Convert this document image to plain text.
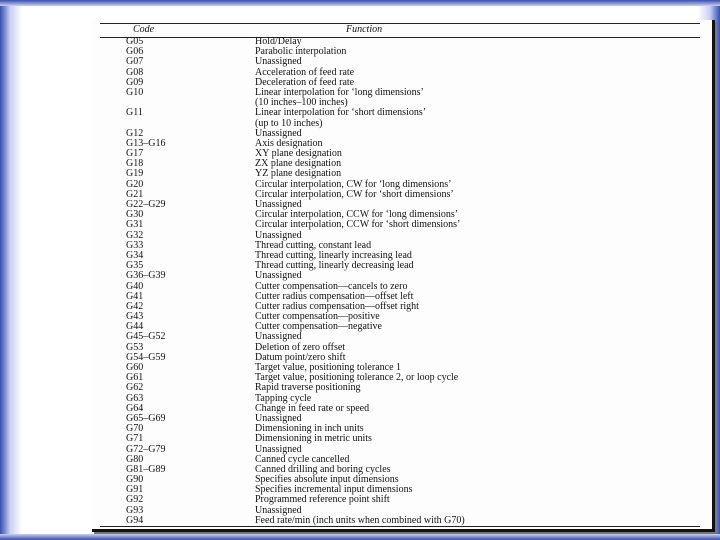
Code	Function
G05	Hold/Delay
G06	Parabolic interpolation
G07	Unassigned
G08	Acceleration of feed rate
G09	Deceleration of feed rate
G10	Linear interpolation for ‘long dimensions’
(10 inches–100 inches)
G11	Linear interpolation for ‘short dimensions’
(up to 10 inches)
G12	Unassigned
G13–G16	Axis designation
G17	XY plane designation
G18	ZX plane designation
G19	YZ plane designation
G20	Circular interpolation, CW for ‘long dimensions’
G21	Circular interpolation, CW for ‘short dimensions’
G22–G29	Unassigned
G30	Circular interpolation, CCW for ‘long dimensions’
G31	Circular interpolation, CCW for ‘short dimensions’
G32	Unassigned
G33	Thread cutting, constant lead
G34	Thread cutting, linearly increasing lead
G35	Thread cutting, linearly decreasing lead
G36–G39	Unassigned
G40	Cutter compensation—cancels to zero
G41	Cutter radius compensation—offset left
G42	Cutter radius compensation—offset right
G43	Cutter compensation—positive
G44	Cutter compensation—negative
G45–G52	Unassigned
G53	Deletion of zero offset
G54–G59	Datum point/zero shift
G60	Target value, positioning tolerance 1
G61	Target value, positioning tolerance 2, or loop cycle
G62	Rapid traverse positioning
G63	Tapping cycle
G64	Change in feed rate or speed
G65–G69	Unassigned
G70	Dimensioning in inch units
G71	Dimensioning in metric units
G72–G79	Unassigned
G80	Canned cycle cancelled
G81–G89	Canned drilling and boring cycles
G90	Specifies absolute input dimensions
G91	Specifies incremental input dimensions
G92	Programmed reference point shift
G93	Unassigned
G94	Feed rate/min (inch units when combined with G70)
